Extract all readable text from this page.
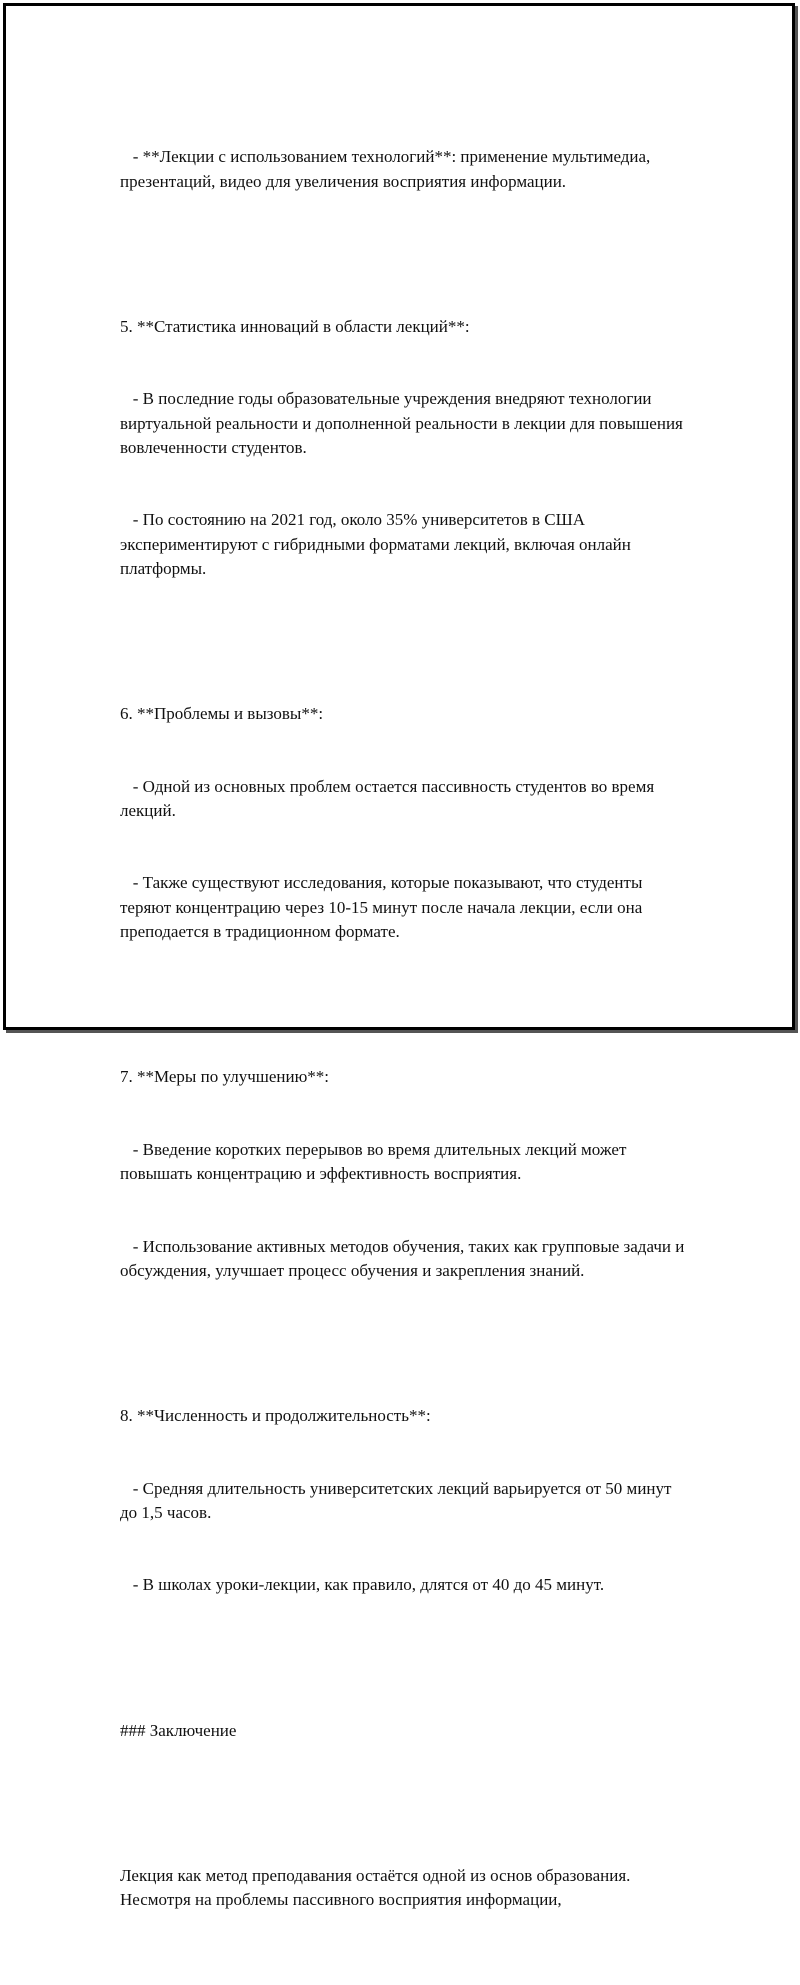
- **Лекции с использованием технологий**: применение мультимедиа, презентаций, видео для увеличения восприятия информации.

5. **Статистика инноваций в области лекций**:

- В последние годы образовательные учреждения внедряют технологии виртуальной реальности и дополненной реальности в лекции для повышения вовлеченности студентов.

- По состоянию на 2021 год, около 35% университетов в США экспериментируют с гибридными форматами лекций, включая онлайн платформы.

6. **Проблемы и вызовы**:

- Одной из основных проблем остается пассивность студентов во время лекций.

- Также существуют исследования, которые показывают, что студенты теряют концентрацию через 10-15 минут после начала лекции, если она преподается в традиционном формате.

7. **Меры по улучшению**:

- Введение коротких перерывов во время длительных лекций может повышать концентрацию и эффективность восприятия.

- Использование активных методов обучения, таких как групповые задачи и обсуждения, улучшает процесс обучения и закрепления знаний.

8. **Численность и продолжительность**:

- Средняя длительность университетских лекций варьируется от 50 минут до 1,5 часов.

- В школах уроки-лекции, как правило, длятся от 40 до 45 минут.

### Заключение

Лекция как метод преподавания остаётся одной из основ образования. Несмотря на проблемы пассивного восприятия информации,
